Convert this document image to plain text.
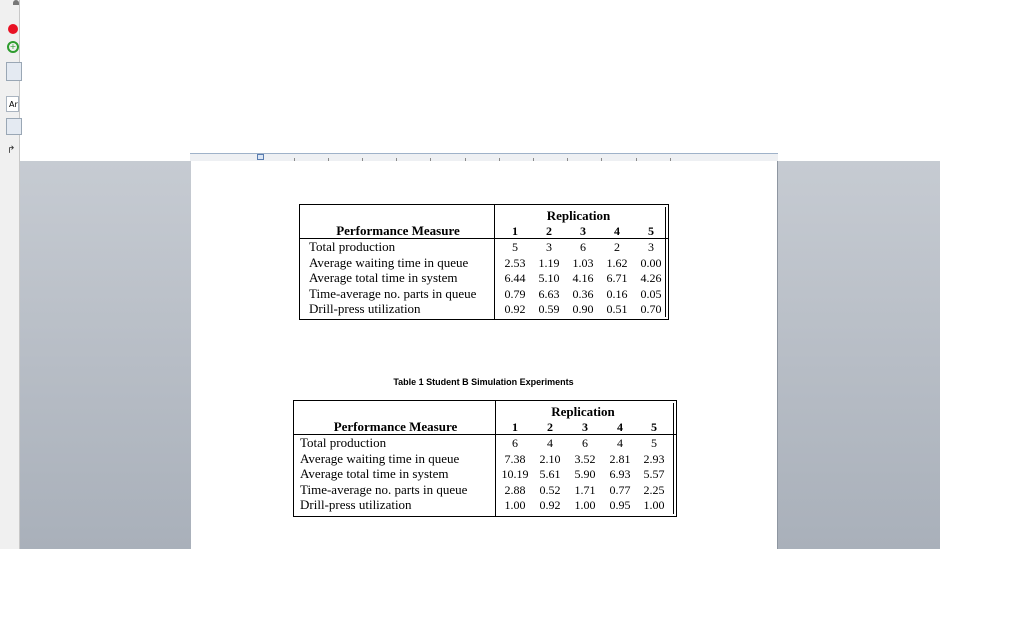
+
Ar
↱
Replication
Performance Measure	1	2	3	4	5
Total production	5	3	6	2	3
Average waiting time in queue	2.53	1.19	1.03	1.62	0.00
Average total time in system	6.44	5.10	4.16	6.71	4.26
Time-average no. parts in queue	0.79	6.63	0.36	0.16	0.05
Drill-press utilization	0.92	0.59	0.90	0.51	0.70
Table 1 Student B Simulation Experiments
Replication
Performance Measure	1	2	3	4	5
Total production	6	4	6	4	5
Average waiting time in queue	7.38	2.10	3.52	2.81	2.93
Average total time in system	10.19 5.61	5.90	6.93	5.57
Time-average no. parts in queue	2.88	0.52	1.71	0.77	2.25
Drill-press utilization	1.00	0.92	1.00	0.95	1.00
